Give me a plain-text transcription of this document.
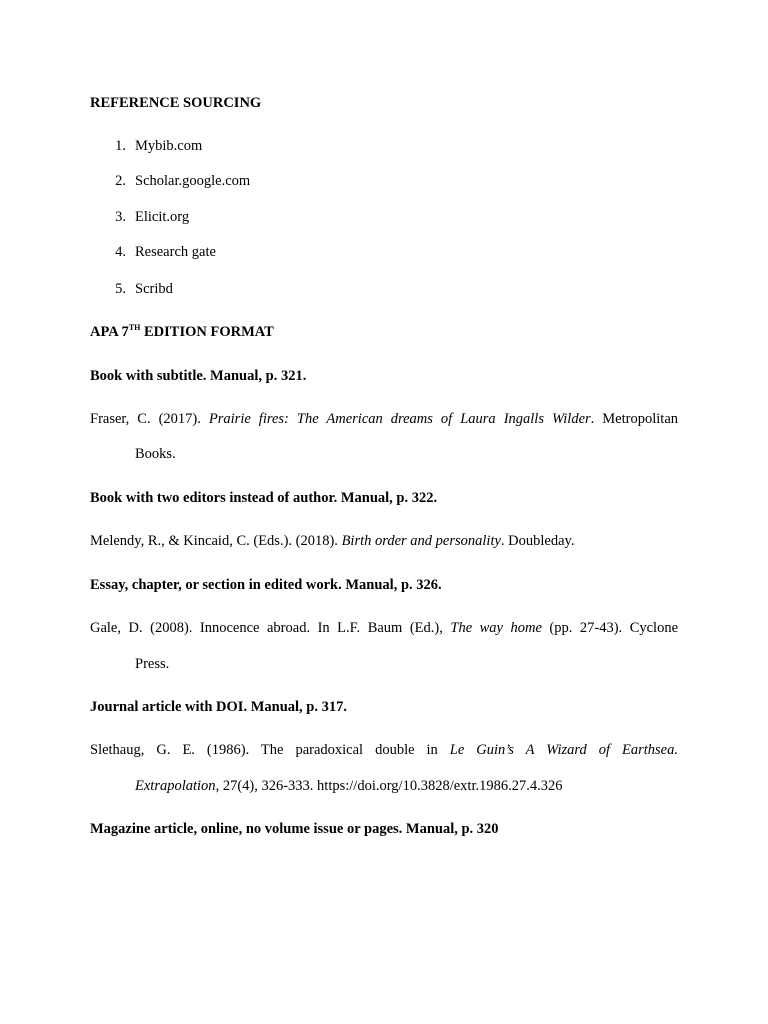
REFERENCE SOURCING
1. Mybib.com
2. Scholar.google.com
3. Elicit.org
4. Research gate
5. Scribd
APA 7TH EDITION FORMAT
Book with subtitle. Manual, p. 321.
Fraser, C. (2017). Prairie fires: The American dreams of Laura Ingalls Wilder. Metropolitan
Books.
Book with two editors instead of author. Manual, p. 322.
Melendy, R., & Kincaid, C. (Eds.). (2018). Birth order and personality. Doubleday.
Essay, chapter, or section in edited work. Manual, p. 326.
Gale, D. (2008). Innocence abroad. In L.F. Baum (Ed.), The way home (pp. 27-43). Cyclone
Press.
Journal article with DOI. Manual, p. 317.
Slethaug, G. E. (1986). The paradoxical double in Le Guin’s A Wizard of Earthsea.
Extrapolation, 27(4), 326-333. https://doi.org/10.3828/extr.1986.27.4.326
Magazine article, online, no volume issue or pages. Manual, p. 320
